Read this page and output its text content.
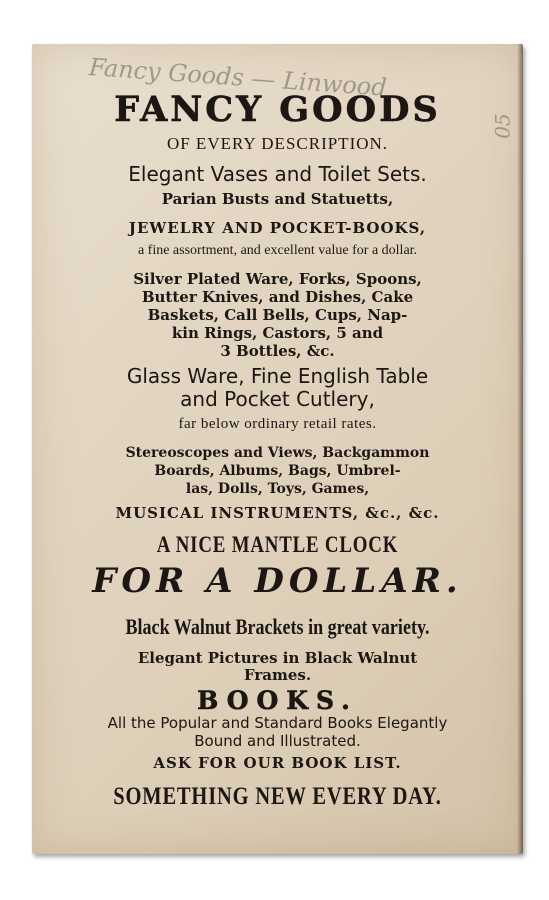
Fancy Goods — Linwood
05
FANCY GOODS
OF EVERY DESCRIPTION.
Elegant Vases and Toilet Sets.
Parian Busts and Statuetts,
JEWELRY AND POCKET-BOOKS,
a fine assortment, and excellent value for a dollar.
Silver Plated Ware, Forks, Spoons,
Butter Knives, and Dishes, Cake
Baskets, Call Bells, Cups, Nap-
kin Rings, Castors, 5 and
3 Bottles, &c.
Glass Ware, Fine English Table
and Pocket Cutlery,
far below ordinary retail rates.
Stereoscopes and Views, Backgammon
Boards, Albums, Bags, Umbrel-
las, Dolls, Toys, Games,
MUSICAL INSTRUMENTS, &c., &c.
A NICE MANTLE CLOCK
FOR A DOLLAR.
Black Walnut Brackets in great variety.
Elegant Pictures in Black Walnut
Frames.
BOOKS.
All the Popular and Standard Books Elegantly
Bound and Illustrated.
ASK FOR OUR BOOK LIST.
SOMETHING NEW EVERY DAY.
